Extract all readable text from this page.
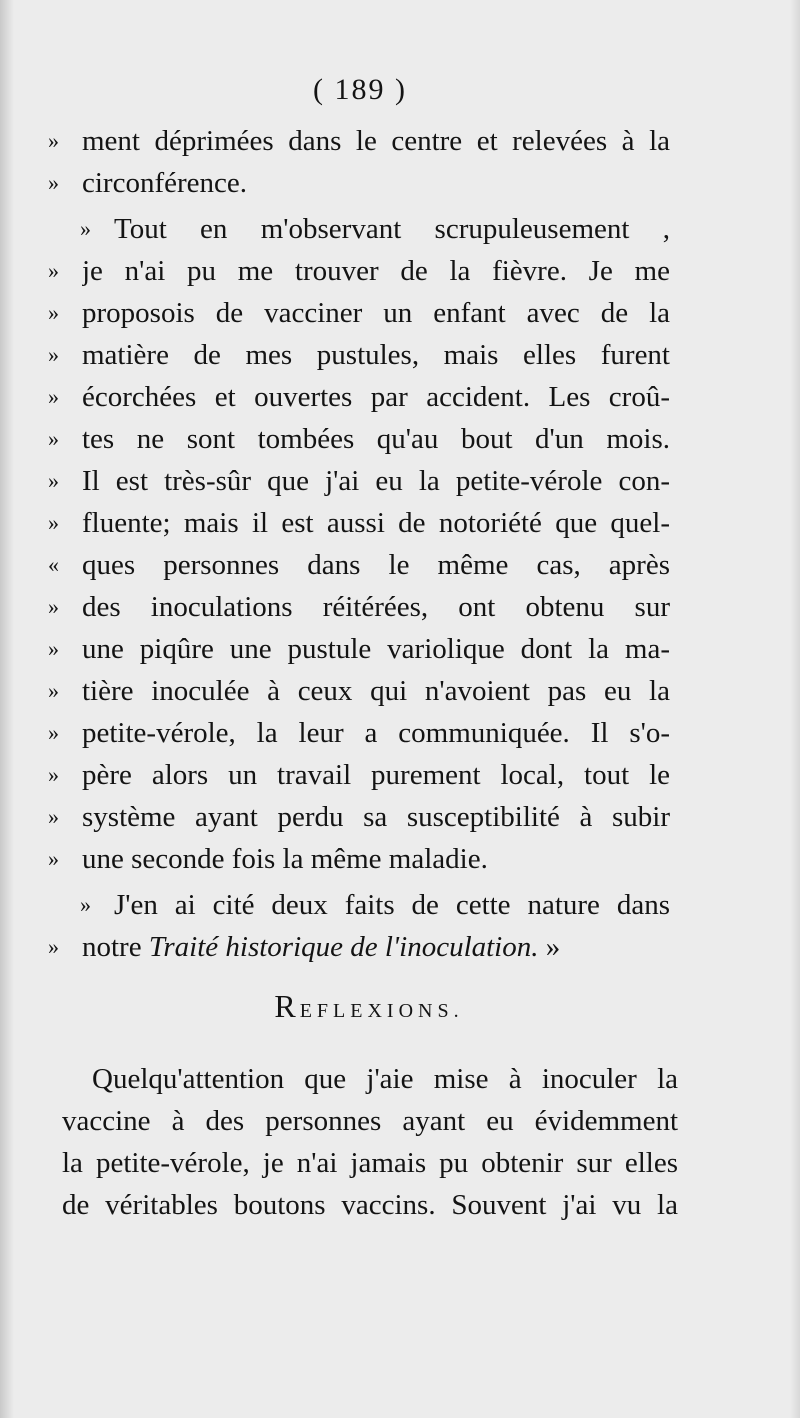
( 189 )
» ment déprimées dans le centre et relevées à la
» circonférence.
» Tout en m'observant scrupuleusement ,
» je n'ai pu me trouver de la fièvre. Je me
» proposois de vacciner un enfant avec de la
» matière de mes pustules, mais elles furent
» écorchées et ouvertes par accident. Les croû-
» tes ne sont tombées qu'au bout d'un mois.
» Il est très-sûr que j'ai eu la petite-vérole con-
» fluente; mais il est aussi de notoriété que quel-
« ques personnes dans le même cas, après
» des inoculations réitérées, ont obtenu sur
» une piqûre une pustule variolique dont la ma-
» tière inoculée à ceux qui n'avoient pas eu la
» petite-vérole, la leur a communiquée. Il s'o-
» père alors un travail purement local, tout le
» système ayant perdu sa susceptibilité à subir
» une seconde fois la même maladie.
» J'en ai cité deux faits de cette nature dans
» notre Traité historique de l'inoculation. »
REFLEXIONS.
Quelqu'attention que j'aie mise à inoculer la
vaccine à des personnes ayant eu évidemment
la petite-vérole, je n'ai jamais pu obtenir sur elles
de véritables boutons vaccins. Souvent j'ai vu la
